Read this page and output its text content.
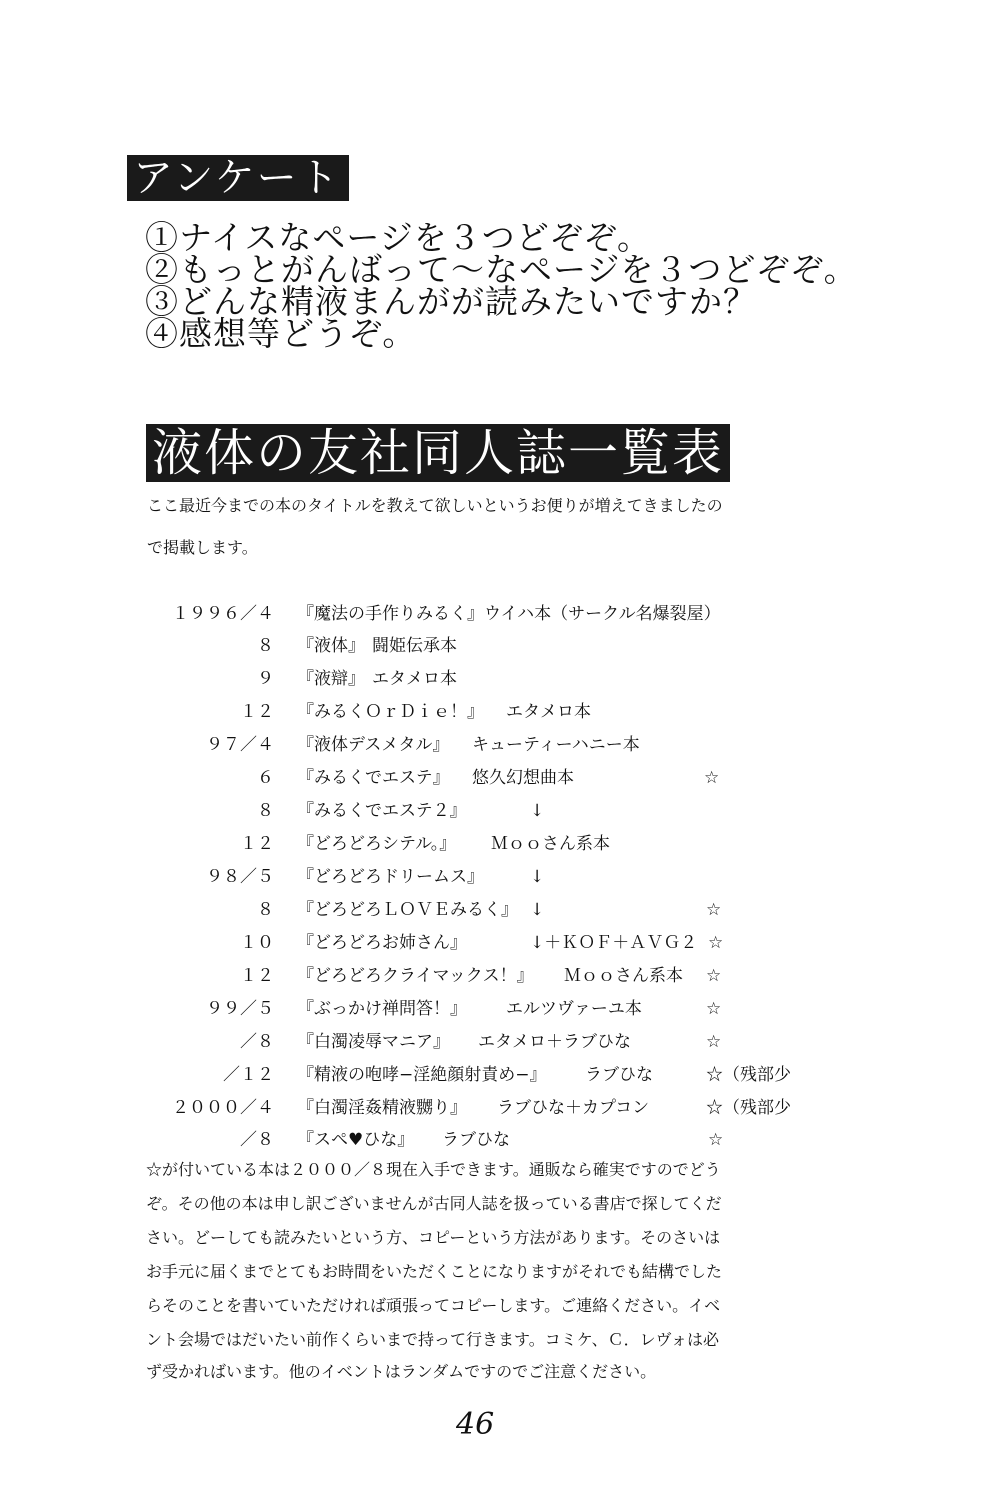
アンケート
①ナイスなページを３つどぞぞ。
②もっとがんばって〜なページを３つどぞぞ。
③どんな精液まんがが読みたいですか？
④感想等どうぞ。
液体の友社同人誌一覧表
ここ最近今までの本のタイトルを教えて欲しいというお便りが増えてきましたの
で掲載します。
１９９６／４ 『魔法の手作りみるく』ウイハ本（サークル名爆裂屋）
８ 『液体』 闘姫伝承本
９ 『液辯』 エタメロ本
１２ 『みるくＯｒＤｉｅ！』 エタメロ本
９７／４ 『液体デスメタル』 キューティーハニー本
６ 『みるくでエステ』 悠久幻想曲本	☆
８ 『みるくでエステ２』	↓
１２ 『どろどろシテル。』 Ｍｏｏさん系本
９８／５ 『どろどろドリームス』	↓
８ 『どろどろＬＯＶＥみるく』 ↓	☆
１０ 『どろどろお姉さん』	↓＋ＫＯＦ＋ＡＶＧ２ ☆
１２ 『どろどろクライマックス！』 Ｍｏｏさん系本 ☆
９９／５ 『ぶっかけ禅問答！』 エルツヴァーユ本	☆
／８ 『白濁凌辱マニア』 エタメロ＋ラブひな	☆
／１２ 『精液の咆哮−淫絶顔射責め−』 ラブひな	☆（残部少
２０００／４ 『白濁淫姦精液嬲り』 ラブひな＋カプコン	☆（残部少
／８ 『スペ♥ひな』 ラブひな	☆
☆が付いている本は２０００／８現在入手できます。通販なら確実ですのでどう
ぞ。その他の本は申し訳ございませんが古同人誌を扱っている書店で探してくだ
さい。どーしても読みたいという方、コピーという方法があります。そのさいは
お手元に届くまでとてもお時間をいただくことになりますがそれでも結構でした
らそのことを書いていただければ頑張ってコピーします。ご連絡ください。イベ
ント会場ではだいたい前作くらいまで持って行きます。コミケ、Ｃ．レヴォは必
ず受かればいます。他のイベントはランダムですのでご注意ください。
46
